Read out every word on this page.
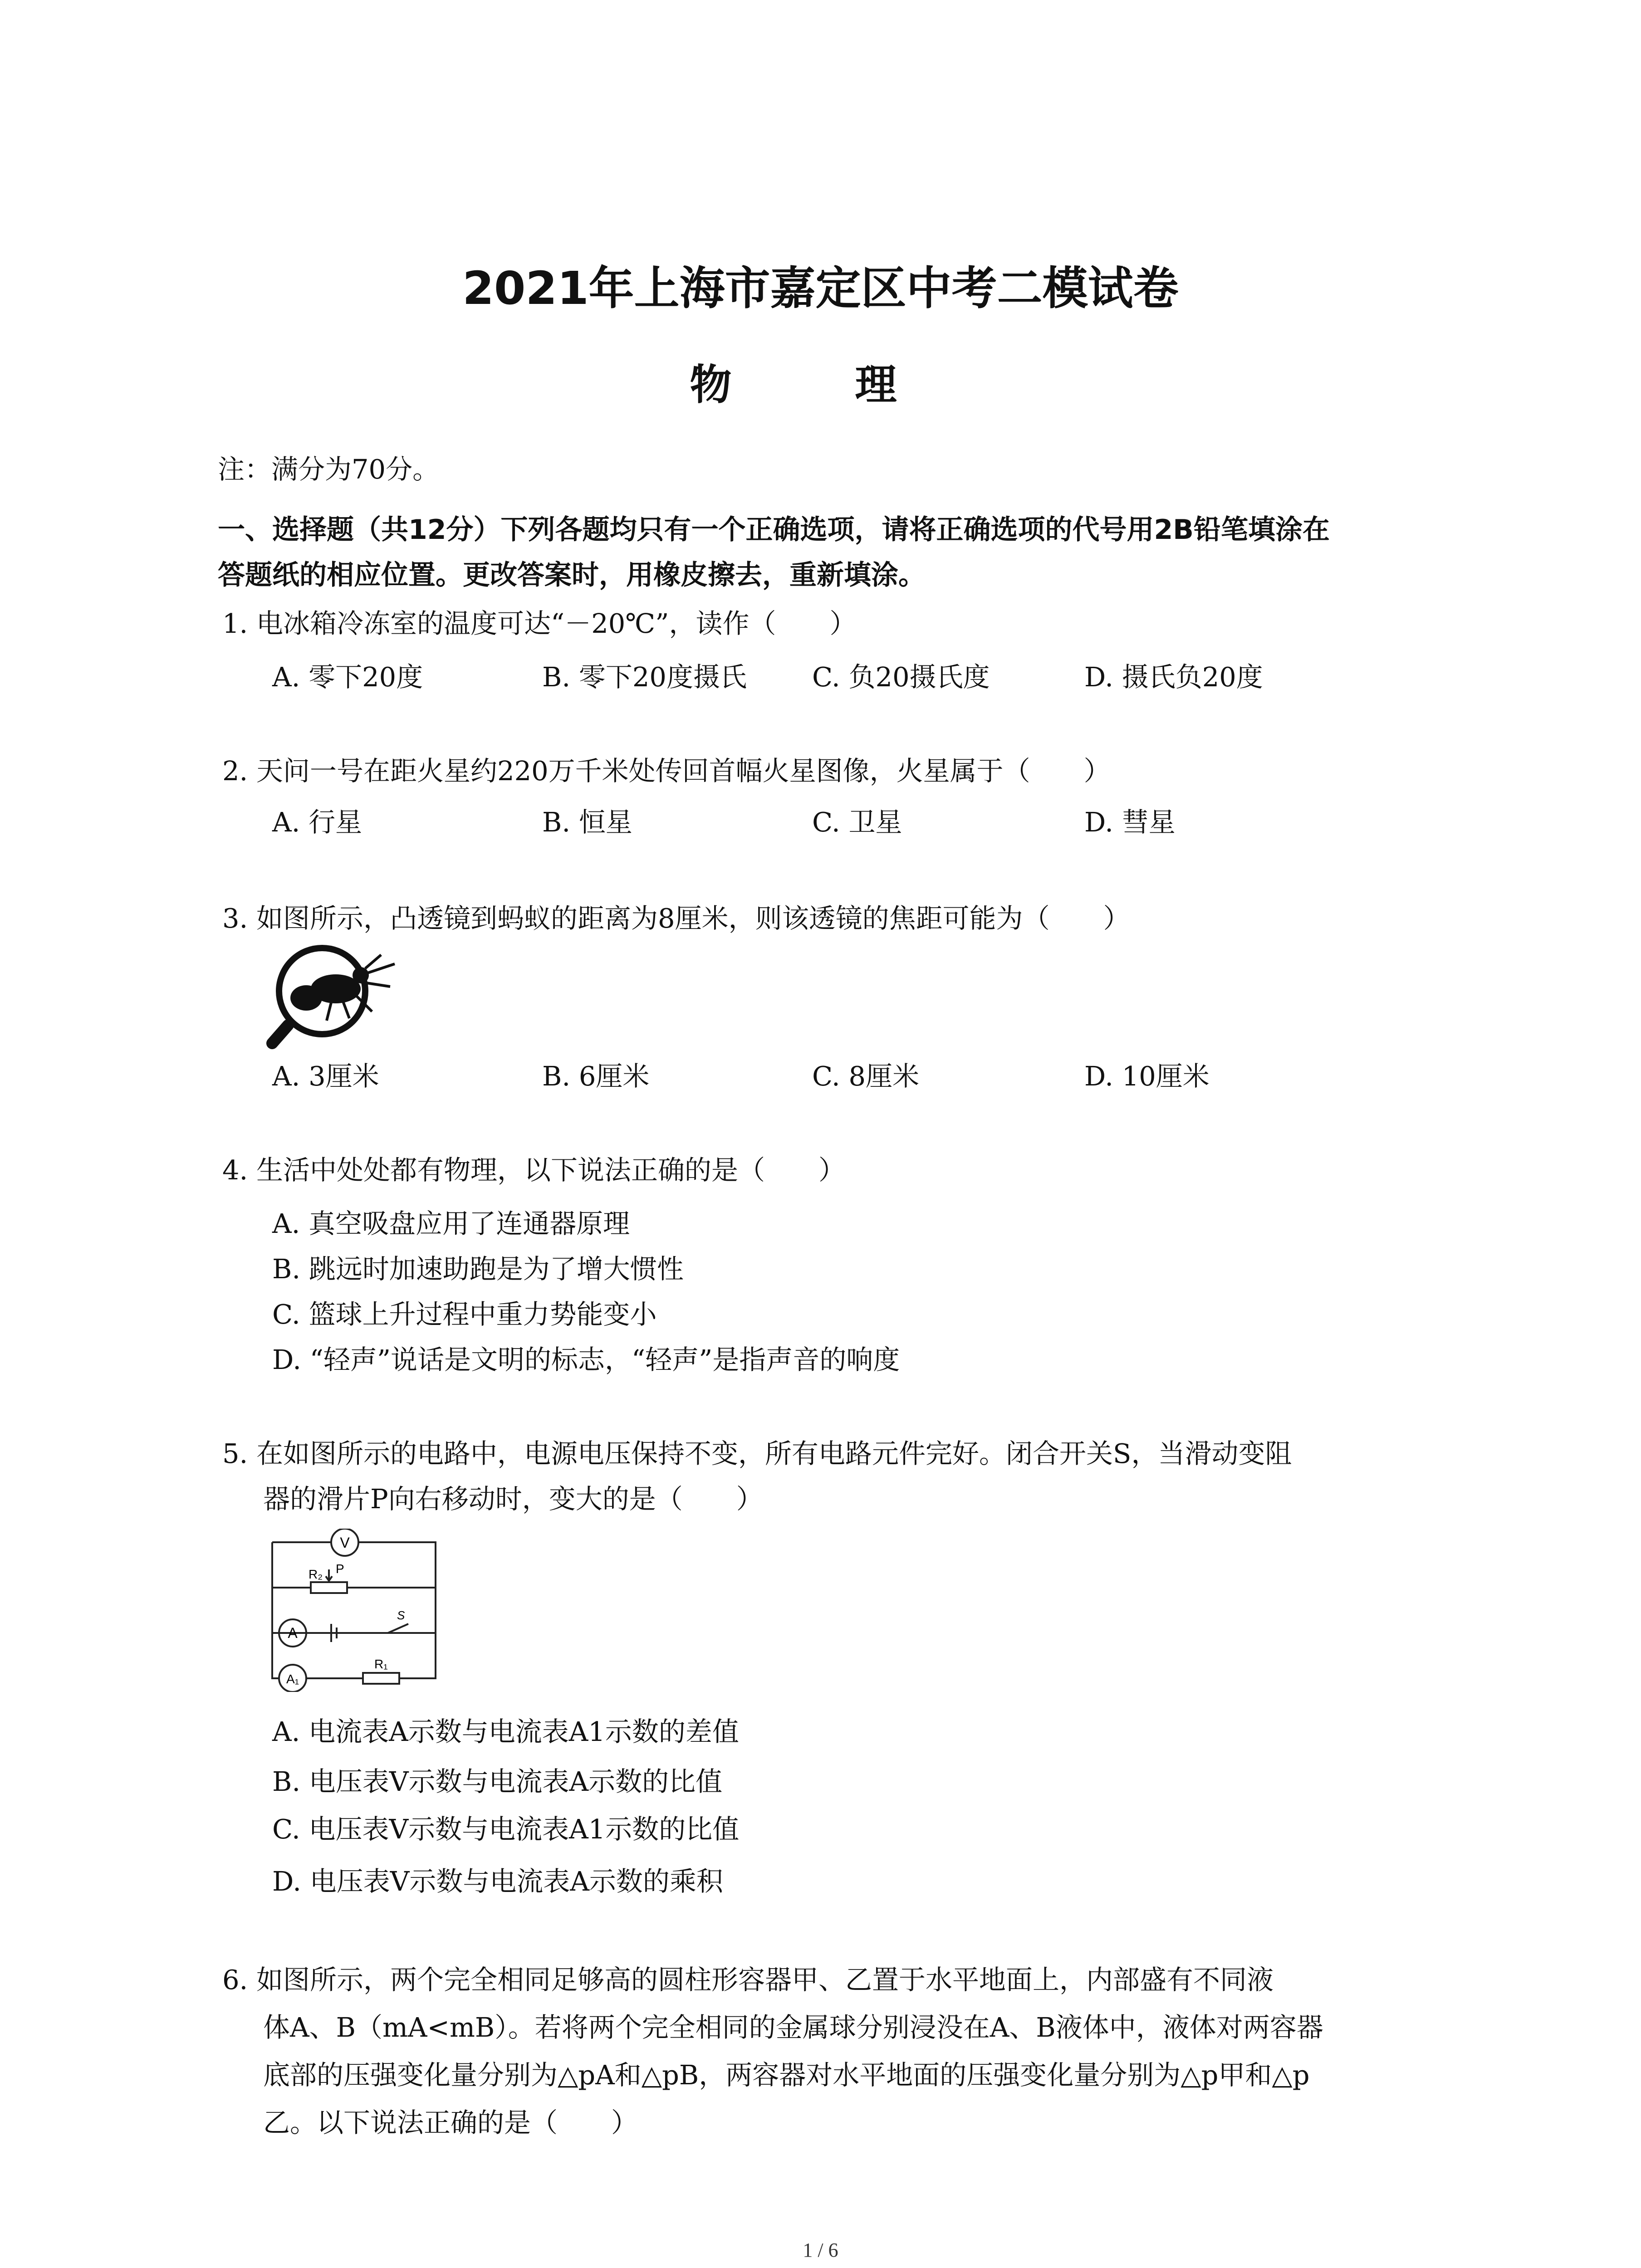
2021年上海市嘉定区中考二模试卷
物 理
注：满分为70分。
一、选择题（共12分）下列各题均只有一个正确选项，请将正确选项的代号用2B铅笔填涂在
答题纸的相应位置。更改答案时，用橡皮擦去，重新填涂。
1. 电冰箱冷冻室的温度可达“－20℃”，读作（　　）
A. 零下20度	B. 零下20度摄氏 C. 负20摄氏度	D. 摄氏负20度
2. 天问一号在距火星约220万千米处传回首幅火星图像，火星属于（　　）
A. 行星	B. 恒星	C. 卫星	D. 彗星
3. 如图所示，凸透镜到蚂蚁的距离为8厘米，则该透镜的焦距可能为（　　）
A. 3厘米	B. 6厘米	C. 8厘米	D. 10厘米
4. 生活中处处都有物理，以下说法正确的是（　　）
A. 真空吸盘应用了连通器原理
B. 跳远时加速助跑是为了增大惯性
C. 篮球上升过程中重力势能变小
D. “轻声”说话是文明的标志，“轻声”是指声音的响度
5. 在如图所示的电路中，电源电压保持不变，所有电路元件完好。闭合开关S，当滑动变阻
器的滑片P向右移动时，变大的是（　　）
V
R₂ P
S
A
A₁
R₁
A. 电流表A示数与电流表A1示数的差值
B. 电压表V示数与电流表A示数的比值
C. 电压表V示数与电流表A1示数的比值
D. 电压表V示数与电流表A示数的乘积
6. 如图所示，两个完全相同足够高的圆柱形容器甲、乙置于水平地面上，内部盛有不同液
体A、B（mA<mB）。若将两个完全相同的金属球分别浸没在A、B液体中，液体对两容器
底部的压强变化量分别为△pA和△pB，两容器对水平地面的压强变化量分别为△p甲和△p
乙。以下说法正确的是（　　）
1 / 6
